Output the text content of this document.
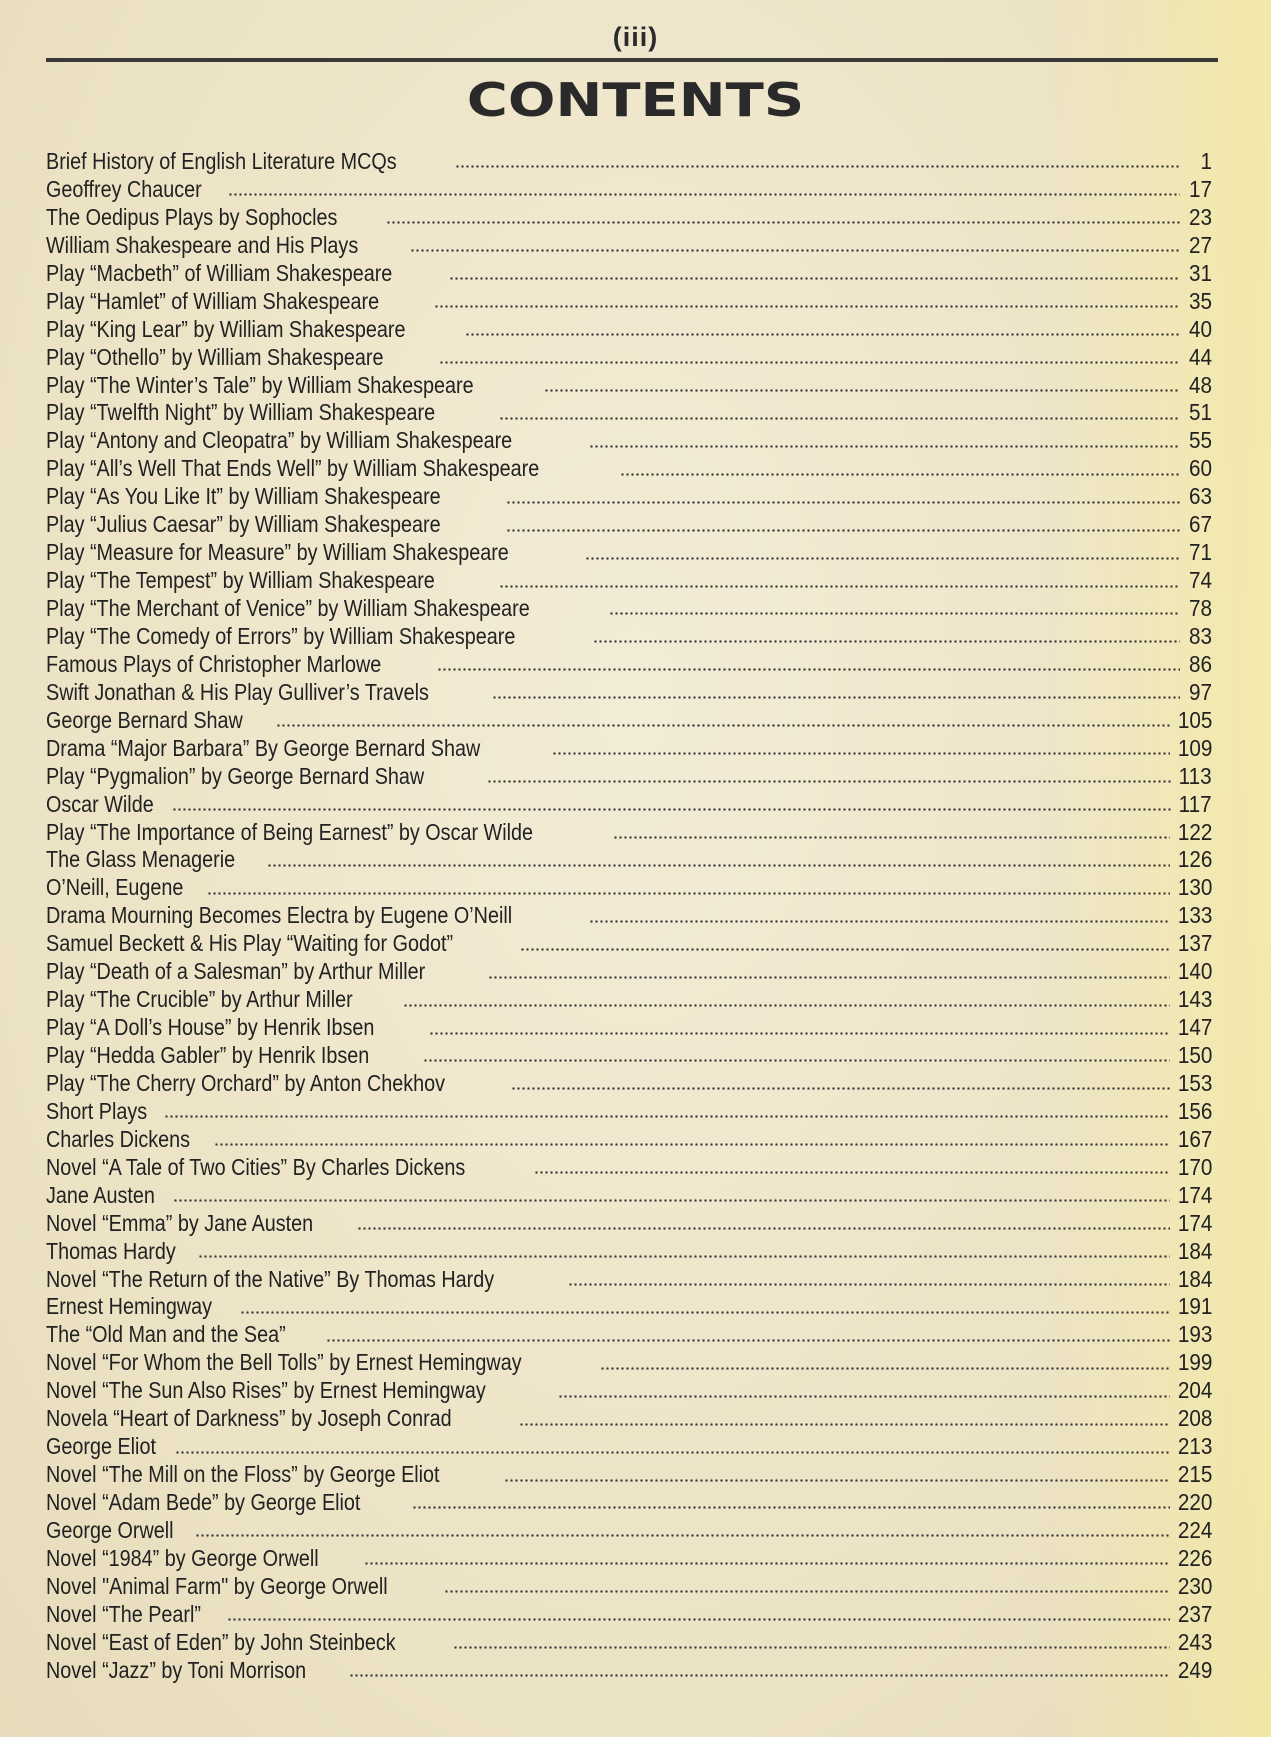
(iii)
CONTENTS
Brief History of English Literature MCQs	1
Geoffrey Chaucer	17
The Oedipus Plays by Sophocles	23
William Shakespeare and His Plays	27
Play “Macbeth” of William Shakespeare	31
Play “Hamlet” of William Shakespeare	35
Play “King Lear” by William Shakespeare	40
Play “Othello” by William Shakespeare	44
Play “The Winter’s Tale” by William Shakespeare	48
Play “Twelfth Night” by William Shakespeare	51
Play “Antony and Cleopatra” by William Shakespeare	55
Play “All’s Well That Ends Well” by William Shakespeare	60
Play “As You Like It” by William Shakespeare	63
Play “Julius Caesar” by William Shakespeare	67
Play “Measure for Measure” by William Shakespeare	71
Play “The Tempest” by William Shakespeare	74
Play “The Merchant of Venice” by William Shakespeare	78
Play “The Comedy of Errors” by William Shakespeare	83
Famous Plays of Christopher Marlowe	86
Swift Jonathan & His Play Gulliver’s Travels	97
George Bernard Shaw	105
Drama “Major Barbara” By George Bernard Shaw	109
Play “Pygmalion” by George Bernard Shaw	113
Oscar Wilde	117
Play “The Importance of Being Earnest” by Oscar Wilde	122
The Glass Menagerie	126
O’Neill, Eugene	130
Drama Mourning Becomes Electra by Eugene O’Neill	133
Samuel Beckett & His Play “Waiting for Godot”	137
Play “Death of a Salesman” by Arthur Miller	140
Play “The Crucible” by Arthur Miller	143
Play “A Doll’s House” by Henrik Ibsen	147
Play “Hedda Gabler” by Henrik Ibsen	150
Play “The Cherry Orchard” by Anton Chekhov	153
Short Plays	156
Charles Dickens	167
Novel “A Tale of Two Cities” By Charles Dickens	170
Jane Austen	174
Novel “Emma” by Jane Austen	174
Thomas Hardy	184
Novel “The Return of the Native” By Thomas Hardy	184
Ernest Hemingway	191
The “Old Man and the Sea”	193
Novel “For Whom the Bell Tolls” by Ernest Hemingway	199
Novel “The Sun Also Rises” by Ernest Hemingway	204
Novela “Heart of Darkness” by Joseph Conrad	208
George Eliot	213
Novel “The Mill on the Floss” by George Eliot	215
Novel “Adam Bede” by George Eliot	220
George Orwell	224
Novel “1984” by George Orwell	226
Novel "Animal Farm" by George Orwell	230
Novel “The Pearl”	237
Novel “East of Eden” by John Steinbeck	243
Novel “Jazz” by Toni Morrison	249
